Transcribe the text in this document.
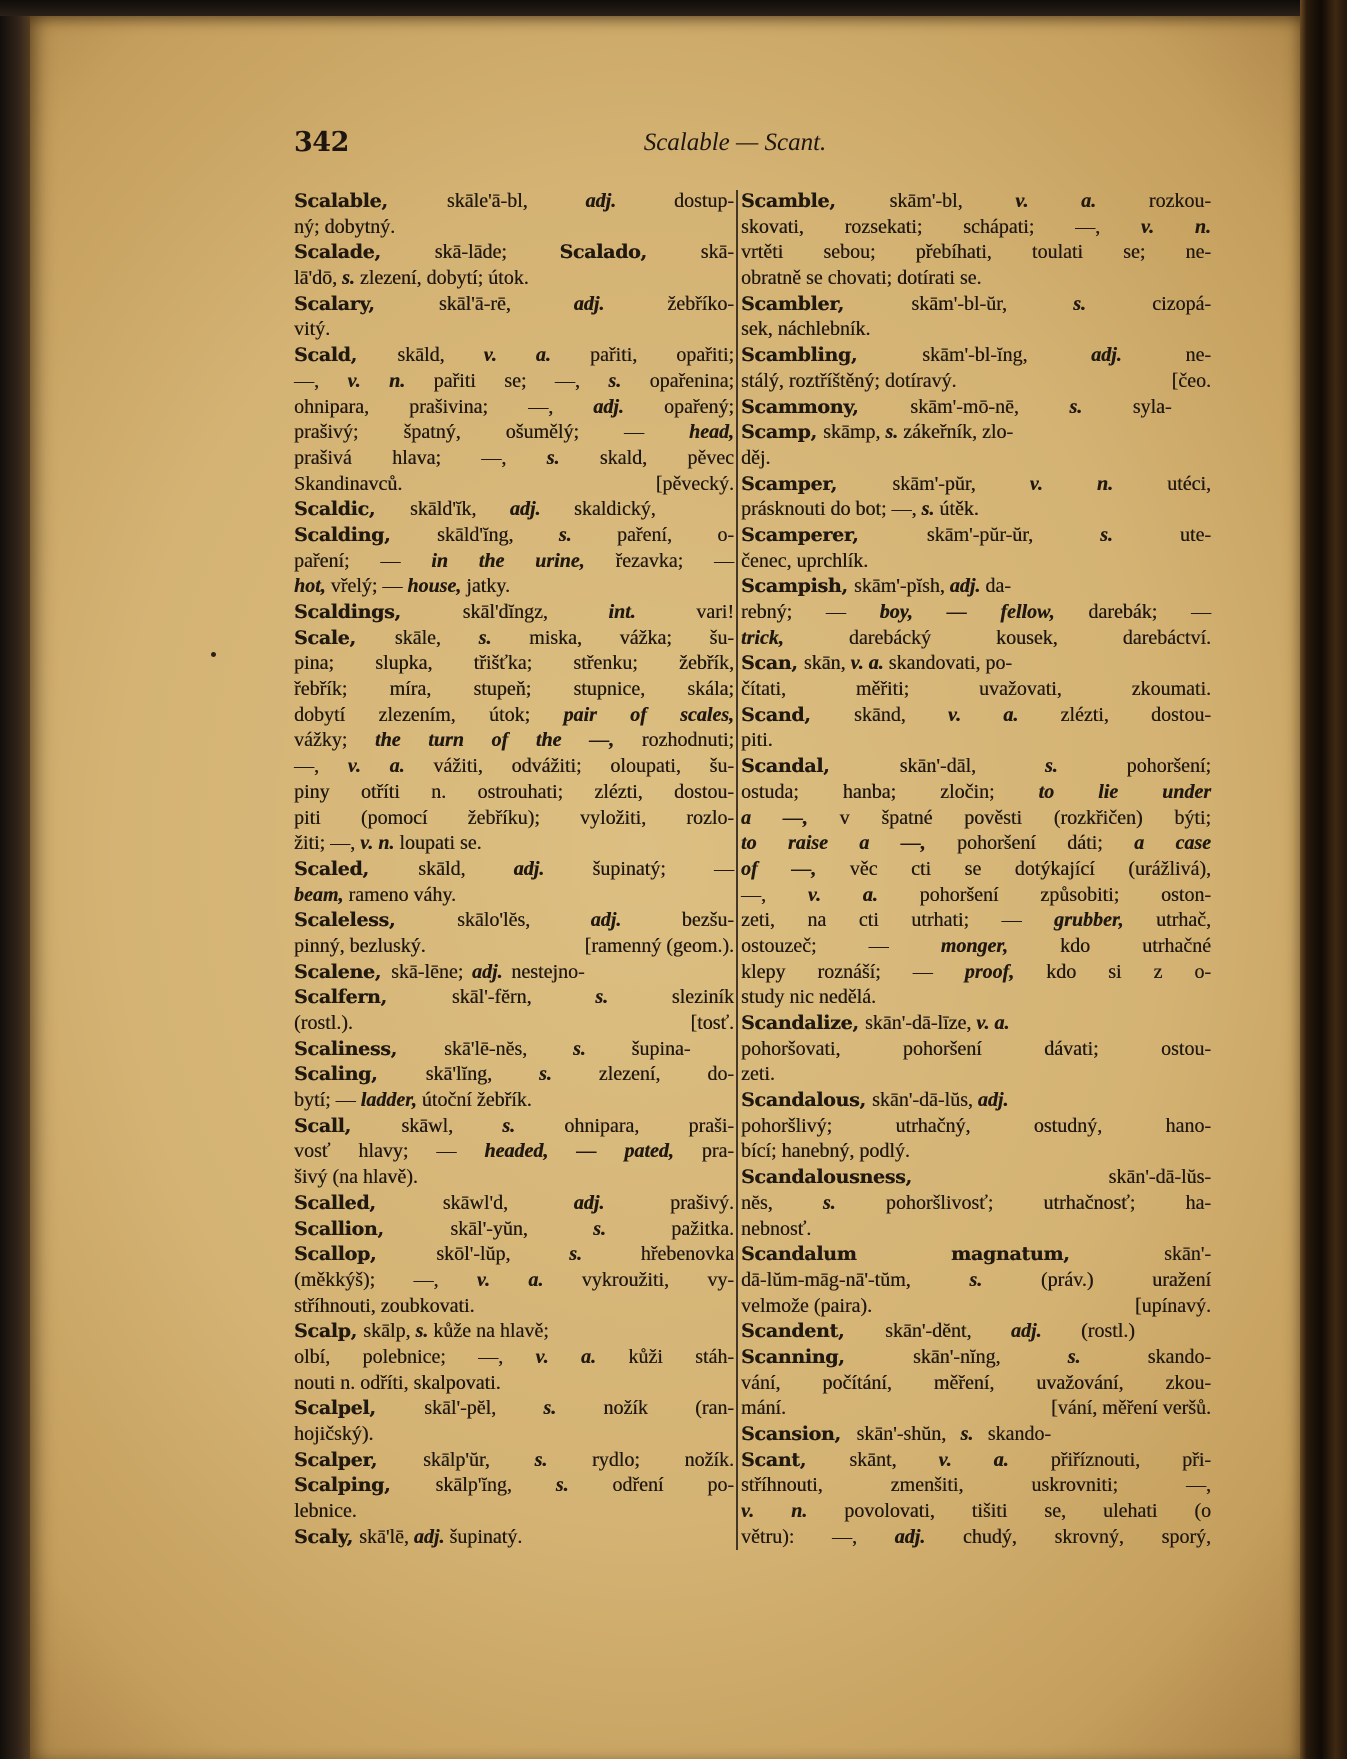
342	Scalable — Scant.
Scalable, skāle'ā-bl, adj. dostup-
ný; dobytný.
Scalade, skā-lāde; Scalado, skā-
lā'dō, s. zlezení, dobytí; útok.
Scalary, skāl'ā-rē, adj. žebříko-
vitý.
Scald, skāld, v. a. pařiti, opařiti;
—, v. n. pařiti se; —, s. opařenina;
ohnipara, prašivina; —, adj. opařený;
prašivý; špatný, ošumělý; — head,
prašivá hlava; —, s. skald, pěvec
[pěvecký.
Skandinavců.
Scaldic, skāld'ĭk, adj. skaldický,
Scalding, skāld'ĭng, s. paření, o-
paření; — in the urine, řezavka; —
hot, vřelý; — house, jatky.
Scaldings, skāl'dĭngz, int. vari!
Scale, skāle, s. miska, vážka; šu-
pina; slupka, třišťka; střenku; žebřík,
řebřík; míra, stupeň; stupnice, skála;
dobytí zlezením, útok; pair of scales,
vážky; the turn of the —, rozhodnuti;
—, v. a. vážiti, odvážiti; oloupati, šu-
piny otříti n. ostrouhati; zlézti, dostou-
piti (pomocí žebříku); vyložiti, rozlo-
žiti; —, v. n. loupati se.
Scaled, skāld, adj. šupinatý; —
beam, rameno váhy.
Scaleless, skālo'lĕs, adj. bezšu-
[ramenný (geom.).
pinný, bezluský.
Scalene, skā-lēne; adj. nestejno-
Scalfern, skāl'-fĕrn, s. sleziník
[tosť.
(rostl.).
Scaliness, skā'lē-nĕs, s. šupina-
Scaling, skā'lĭng, s. zlezení, do-
bytí; — ladder, útoční žebřík.
Scall, skāwl, s. ohnipara, praši-
vosť hlavy; — headed, — pated, pra-
šivý (na hlavě).
Scalled, skāwl'd, adj. prašivý.
Scallion, skāl'-yŭn, s. pažitka.
Scallop, skōl'-lŭp, s. hřebenovka
(měkkýš); —, v. a. vykroužiti, vy-
stříhnouti, zoubkovati.
Scalp, skālp, s. kůže na hlavě;
olbí, polebnice; —, v. a. kůži stáh-
nouti n. odříti, skalpovati.
Scalpel, skāl'-pĕl, s. nožík (ran-
hojičský).
Scalper, skālp'ŭr, s. rydlo; nožík.
Scalping, skālp'ĭng, s. odření po-
lebnice.
Scaly, skā'lē, adj. šupinatý.
Scamble, skām'-bl, v. a. rozkou-
skovati, rozsekati; schápati; —, v. n.
vrtěti sebou; přebíhati, toulati se; ne-
obratně se chovati; dotírati se.
Scambler, skām'-bl-ŭr, s. cizopá-
sek, náchlebník.
Scambling, skām'-bl-ĭng, adj. ne-
[čeo.
stálý, roztříštěný; dotíravý.
Scammony, skām'-mō-nē, s. syla-
Scamp, skāmp, s. zákeřník, zlo-
děj.
Scamper, skām'-pŭr, v. n. utéci,
prásknouti do bot; —, s. útěk.
Scamperer, skām'-pŭr-ŭr, s. ute-
čenec, uprchlík.
Scampish, skām'-pĭsh, adj. da-
rebný; — boy, — fellow, darebák; —
trick, darebácký kousek, darebáctví.
Scan, skān, v. a. skandovati, po-
čítati, měřiti; uvažovati, zkoumati.
Scand, skānd, v. a. zlézti, dostou-
piti.
Scandal, skān'-dāl, s. pohoršení;
ostuda; hanba; zločin; to lie under
a —, v špatné pověsti (rozkřičen) býti;
to raise a —, pohoršení dáti; a case
of —, věc cti se dotýkající (urážlivá),
—, v. a. pohoršení způsobiti; oston-
zeti, na cti utrhati; — grubber, utrhač,
ostouzeč; — monger, kdo utrhačné
klepy roznáší; — proof, kdo si z o-
study nic nedělá.
Scandalize, skān'-dā-līze, v. a.
pohoršovati, pohoršení dávati; ostou-
zeti.
Scandalous, skān'-dā-lŭs, adj.
pohoršlivý; utrhačný, ostudný, hano-
bící; hanebný, podlý.
Scandalousness, skān'-dā-lŭs-
nĕs, s. pohoršlivosť; utrhačnosť; ha-
nebnosť.
Scandalum magnatum, skān'-
dā-lŭm-māg-nā'-tŭm, s. (práv.) uražení
[upínavý.
velmože (paira).
Scandent, skān'-dĕnt, adj. (rostl.)
Scanning, skān'-nĭng, s. skando-
vání, počítání, měření, uvažování, zkou-
[vání, měření veršů.
mání.
Scansion, skān'-shŭn, s. skando-
Scant, skānt, v. a. přiříznouti, při-
stříhnouti, zmenšiti, uskrovniti; —,
v. n. povolovati, tišiti se, ulehati (o
větru): —, adj. chudý, skrovný, sporý,
